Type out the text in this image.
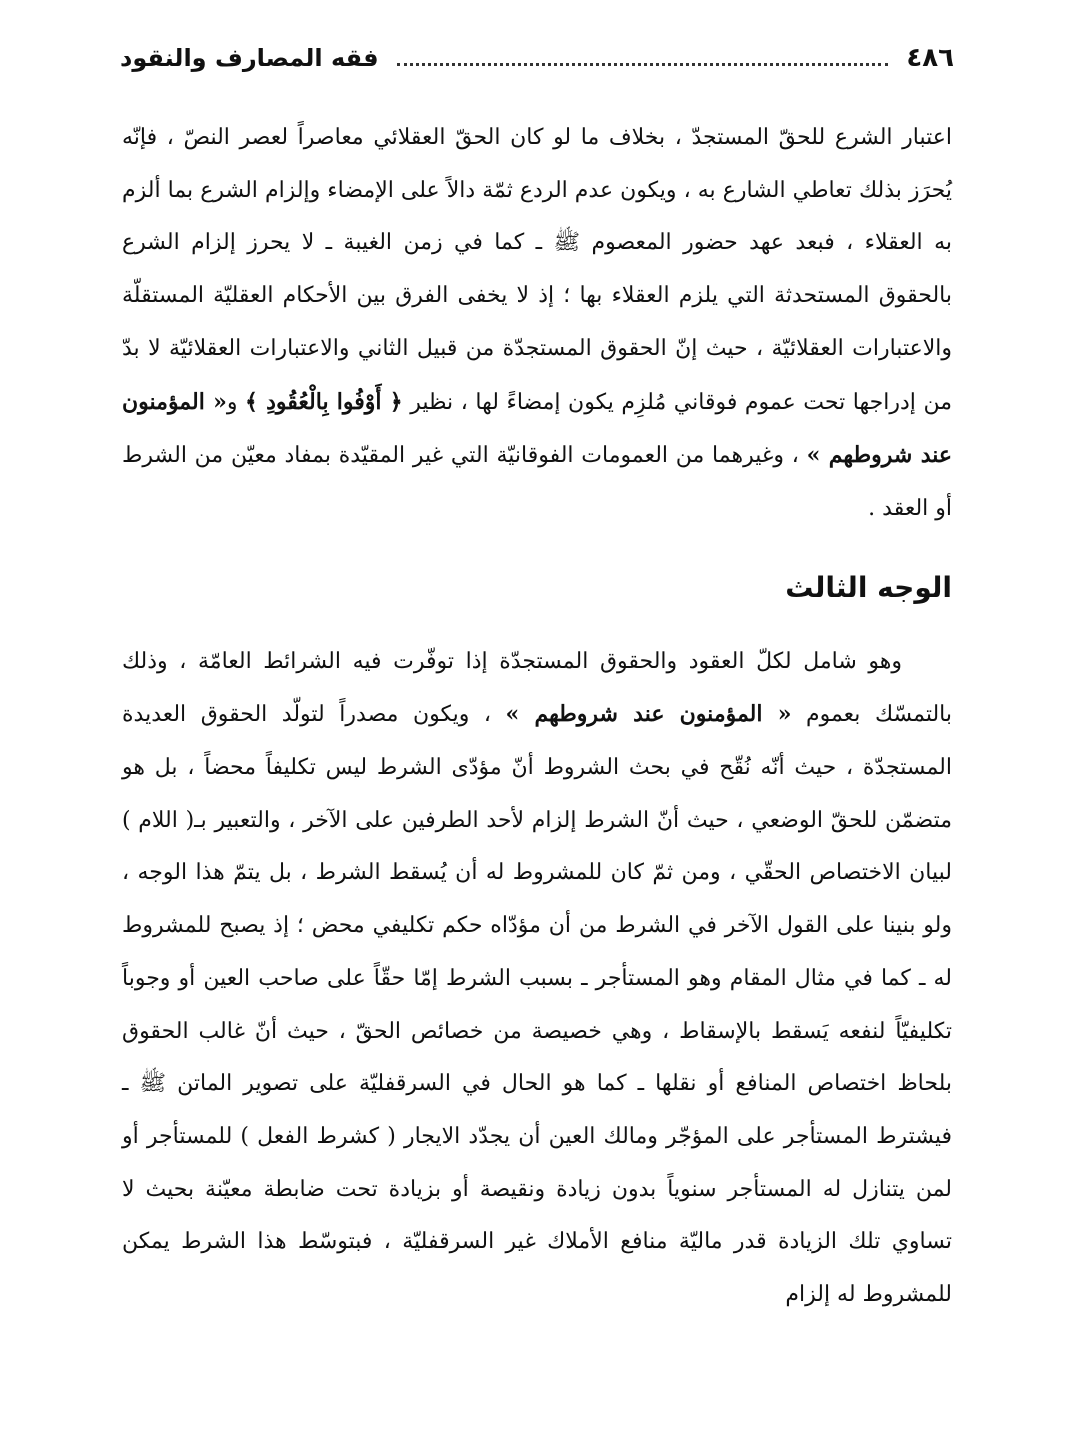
٤٨٦
فقه المصارف والنقود

اعتبار الشرع للحقّ المستجدّ ، بخلاف ما لو كان الحقّ العقلائي معاصراً لعصر النصّ ، فإنّه يُحرَز بذلك تعاطي الشارع به ، ويكون عدم الردع ثمّة دالاً على الإمضاء وإلزام الشرع بما ألزم به العقلاء ، فبعد عهد حضور المعصوم ﷺ ـ كما في زمن الغيبة ـ لا يحرز إلزام الشرع بالحقوق المستحدثة التي يلزم العقلاء بها ؛ إذ لا يخفى الفرق بين الأحكام العقليّة المستقلّة والاعتبارات العقلائيّة ، حيث إنّ الحقوق المستجدّة من قبيل الثاني والاعتبارات العقلائيّة لا بدّ من إدراجها تحت عموم فوقاني مُلزِم يكون إمضاءً لها ، نظير ﴿ أَوْفُوا بِالْعُقُودِ ﴾ و« المؤمنون عند شروطهم » ، وغيرهما من العمومات الفوقانيّة التي غير المقيّدة بمفاد معيّن من الشرط أو العقد .

الوجه الثالث

وهو شامل لكلّ العقود والحقوق المستجدّة إذا توفّرت فيه الشرائط العامّة ، وذلك بالتمسّك بعموم « المؤمنون عند شروطهم » ، ويكون مصدراً لتولّد الحقوق العديدة المستجدّة ، حيث أنّه نُقّح في بحث الشروط أنّ مؤدّى الشرط ليس تكليفاً محضاً ، بل هو متضمّن للحقّ الوضعي ، حيث أنّ الشرط إلزام لأحد الطرفين على الآخر ، والتعبير بـ( اللام ) لبيان الاختصاص الحقّي ، ومن ثمّ كان للمشروط له أن يُسقط الشرط ، بل يتمّ هذا الوجه ، ولو بنينا على القول الآخر في الشرط من أن مؤدّاه حكم تكليفي محض ؛ إذ يصبح للمشروط له ـ كما في مثال المقام وهو المستأجر ـ بسبب الشرط إمّا حقّاً على صاحب العين أو وجوباً تكليفيّاً لنفعه يَسقط بالإسقاط ، وهي خصيصة من خصائص الحقّ ، حيث أنّ غالب الحقوق بلحاظ اختصاص المنافع أو نقلها ـ كما هو الحال في السرقفليّة على تصوير الماتن ﷺ ـ فيشترط المستأجر على المؤجّر ومالك العين أن يجدّد الايجار ( كشرط الفعل ) للمستأجر أو لمن يتنازل له المستأجر سنوياً بدون زيادة ونقيصة أو بزيادة تحت ضابطة معيّنة بحيث لا تساوي تلك الزيادة قدر ماليّة منافع الأملاك غير السرقفليّة ، فبتوسّط هذا الشرط يمكن للمشروط له إلزام
